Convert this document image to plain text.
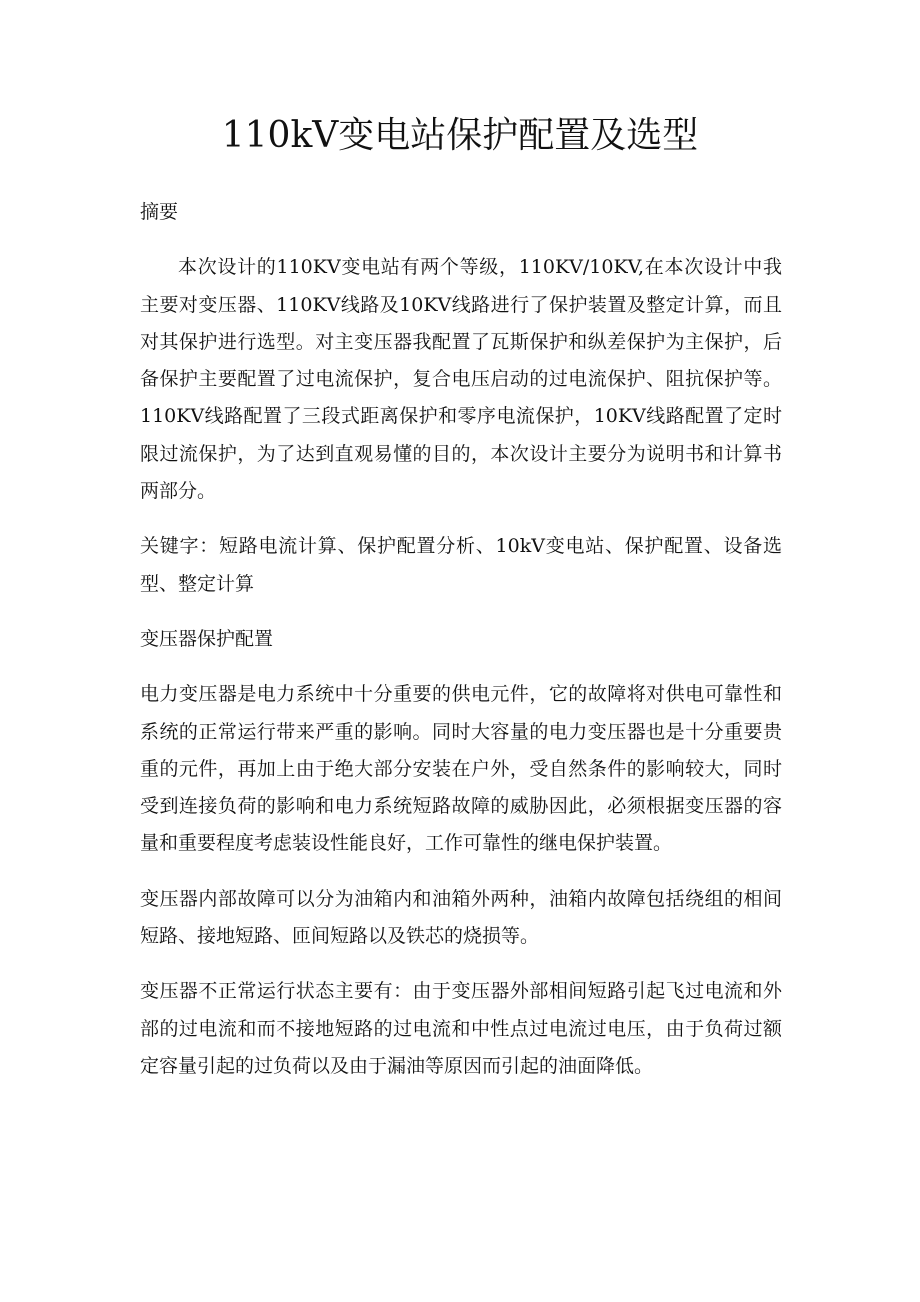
110kV变电站保护配置及选型

摘要

本次设计的110KV变电站有两个等级，110KV/10KV,在本次设计中我主要对变压器、110KV线路及10KV线路进行了保护装置及整定计算，而且对其保护进行选型。对主变压器我配置了瓦斯保护和纵差保护为主保护，后备保护主要配置了过电流保护，复合电压启动的过电流保护、阻抗保护等。110KV线路配置了三段式距离保护和零序电流保护，10KV线路配置了定时限过流保护，为了达到直观易懂的目的，本次设计主要分为说明书和计算书两部分。

关键字：短路电流计算、保护配置分析、10kV变电站、保护配置、设备选型、整定计算

变压器保护配置

电力变压器是电力系统中十分重要的供电元件，它的故障将对供电可靠性和系统的正常运行带来严重的影响。同时大容量的电力变压器也是十分重要贵重的元件，再加上由于绝大部分安装在户外，受自然条件的影响较大，同时受到连接负荷的影响和电力系统短路故障的威胁因此，必须根据变压器的容量和重要程度考虑装设性能良好，工作可靠性的继电保护装置。

变压器内部故障可以分为油箱内和油箱外两种，油箱内故障包括绕组的相间短路、接地短路、匝间短路以及铁芯的烧损等。

变压器不正常运行状态主要有：由于变压器外部相间短路引起飞过电流和外部的过电流和而不接地短路的过电流和中性点过电流过电压，由于负荷过额定容量引起的过负荷以及由于漏油等原因而引起的油面降低。
